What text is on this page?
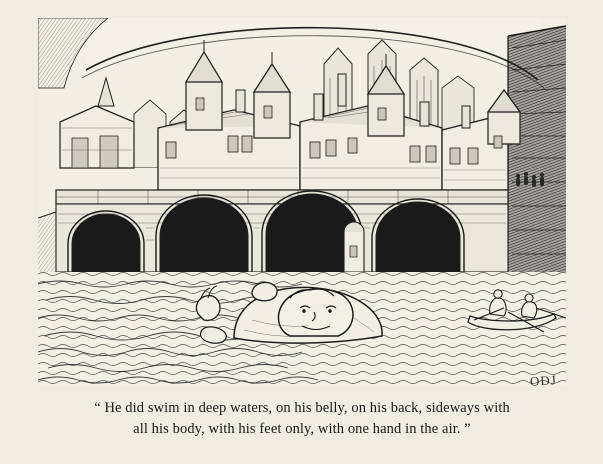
ODJ
“ He did swim in deep waters, on his belly, on his back, sideways with
all his body, with his feet only, with one hand in the air. ”
